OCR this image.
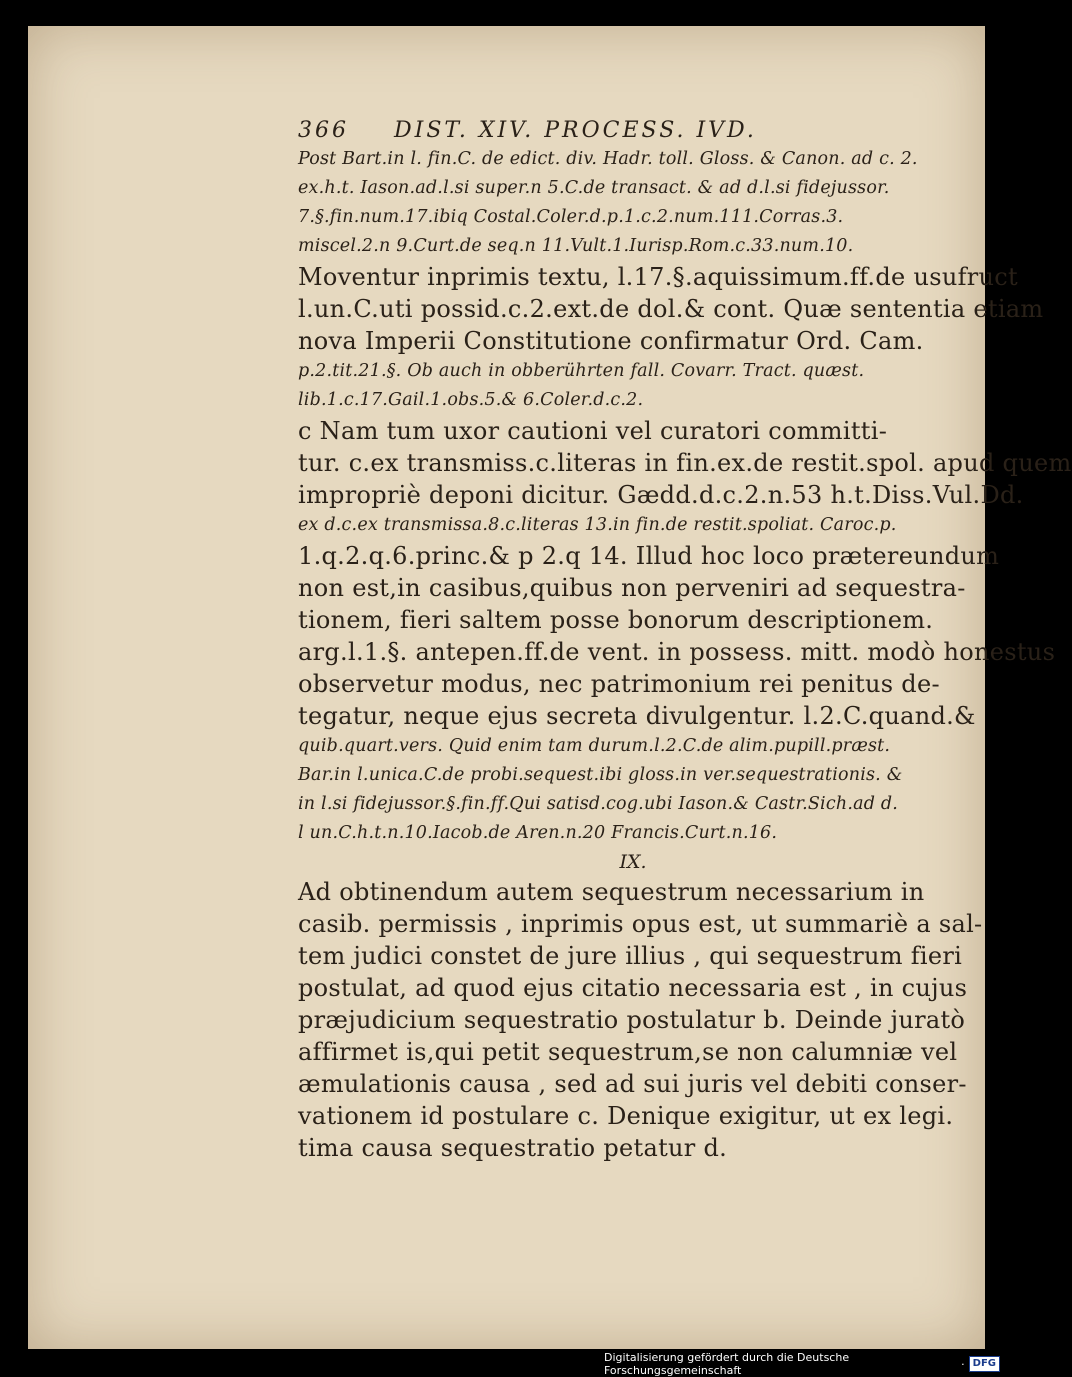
366 DIST. XIV. PROCESS. IVD.
Post Bart.in l. fin.C. de edict. div. Hadr. toll. Gloss. & Canon. ad c. 2.
ex.h.t. Iason.ad.l.si super.n 5.C.de transact. & ad d.l.si fidejussor.
7.§.fin.num.17.ibiq Costal.Coler.d.p.1.c.2.num.111.Corras.3.
miscel.2.n 9.Curt.de seq.n 11.Vult.1.Iurisp.Rom.c.33.num.10.
Moventur inprimis textu, l.17.§.aquissimum.ff.de usufruct
l.un.C.uti possid.c.2.ext.de dol.& cont. Quæ sententia etiam
nova Imperii Constitutione confirmatur Ord. Cam.
p.2.tit.21.§. Ob auch in obberührten fall. Covarr. Tract. quæst.
lib.1.c.17.Gail.1.obs.5.& 6.Coler.d.c.2.
c Nam tum uxor cautioni vel curatori committi-
tur. c.ex transmiss.c.literas in fin.ex.de restit.spol. apud quem
impropriè deponi dicitur. Gædd.d.c.2.n.53 h.t.Diss.Vul.Dd.
ex d.c.ex transmissa.8.c.literas 13.in fin.de restit.spoliat. Caroc.p.
1.q.2.q.6.princ.& p 2.q 14. Illud hoc loco prætereundum
non est,in casibus,quibus non perveniri ad sequestra-
tionem, fieri saltem posse bonorum descriptionem.
arg.l.1.§. antepen.ff.de vent. in possess. mitt. modò honestus
observetur modus, nec patrimonium rei penitus de-
tegatur, neque ejus secreta divulgentur. l.2.C.quand.&
quib.quart.vers. Quid enim tam durum.l.2.C.de alim.pupill.præst.
Bar.in l.unica.C.de probi.sequest.ibi gloss.in ver.sequestrationis. &
in l.si fidejussor.§.fin.ff.Qui satisd.cog.ubi Iason.& Castr.Sich.ad d.
l un.C.h.t.n.10.Iacob.de Aren.n.20 Francis.Curt.n.16.
IX.
Ad obtinendum autem sequestrum necessarium in
casib. permissis , inprimis opus est, ut summariè a sal-
tem judici constet de jure illius , qui sequestrum fieri
postulat, ad quod ejus citatio necessaria est , in cujus
præjudicium sequestratio postulatur b. Deinde juratò
affirmet is,qui petit sequestrum,se non calumniæ vel
æmulationis causa , sed ad sui juris vel debiti conser-
vationem id postulare c. Denique exigitur, ut ex legi.
tima causa sequestratio petatur d.
Digitalisierung gefördert durch die Deutsche Forschungsgemeinschaft	· DFG
